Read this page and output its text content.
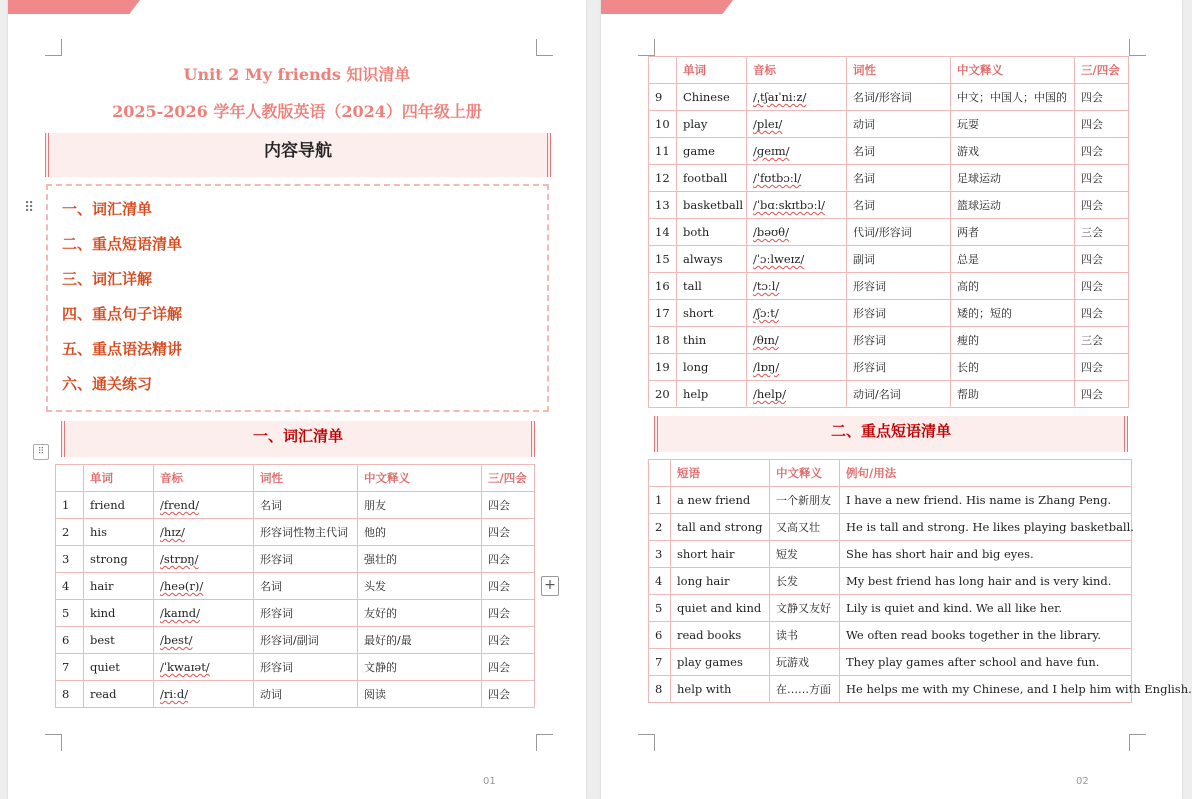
Unit 2 My friends 知识清单
2025-2026 学年人教版英语（2024）四年级上册
内容导航
⠿ 一、词汇清单
二、重点短语清单
三、词汇详解
四、重点句子详解
五、重点语法精讲
六、通关练习
一、词汇清单
⠿
	单词	音标	词性	中文释义	三/四会
1	friend	/frend/	名词	朋友	四会
2	his	/hɪz/	形容词性物主代词	他的	四会
3	strong	/strɒŋ/	形容词	强壮的	四会
4	hair	/heə(r)/	名词	头发	四会
5	kind	/kaɪnd/	形容词	友好的	四会
6	best	/best/	形容词/副词	最好的/最	四会
7	quiet	/ˈkwaɪət/	形容词	文静的	四会
8	read	/riːd/	动词	阅读	四会
+
01
	单词	音标	词性	中文释义	三/四会
9	Chinese	/ˌtʃaɪˈniːz/	名词/形容词	中文；中国人；中国的	四会
10	play	/pleɪ/	动词	玩耍	四会
11	game	/ɡeɪm/	名词	游戏	四会
12	football	/ˈfʊtbɔːl/	名词	足球运动	四会
13	basketball	/ˈbɑːskɪtbɔːl/	名词	篮球运动	四会
14	both	/bəʊθ/	代词/形容词	两者	三会
15	always	/ˈɔːlweɪz/	副词	总是	四会
16	tall	/tɔːl/	形容词	高的	四会
17	short	/ʃɔːt/	形容词	矮的；短的	四会
18	thin	/θɪn/	形容词	瘦的	三会
19	long	/lɒŋ/	形容词	长的	四会
20	help	/help/	动词/名词	帮助	四会
二、重点短语清单
	短语	中文释义	例句/用法
1	a new friend	一个新朋友	I have a new friend. His name is Zhang Peng.
2	tall and strong	又高又壮	He is tall and strong. He likes playing basketball.
3	short hair	短发	She has short hair and big eyes.
4	long hair	长发	My best friend has long hair and is very kind.
5	quiet and kind	文静又友好	Lily is quiet and kind. We all like her.
6	read books	读书	We often read books together in the library.
7	play games	玩游戏	They play games after school and have fun.
8	help with	在……方面	He helps me with my Chinese, and I help him with English.
02
